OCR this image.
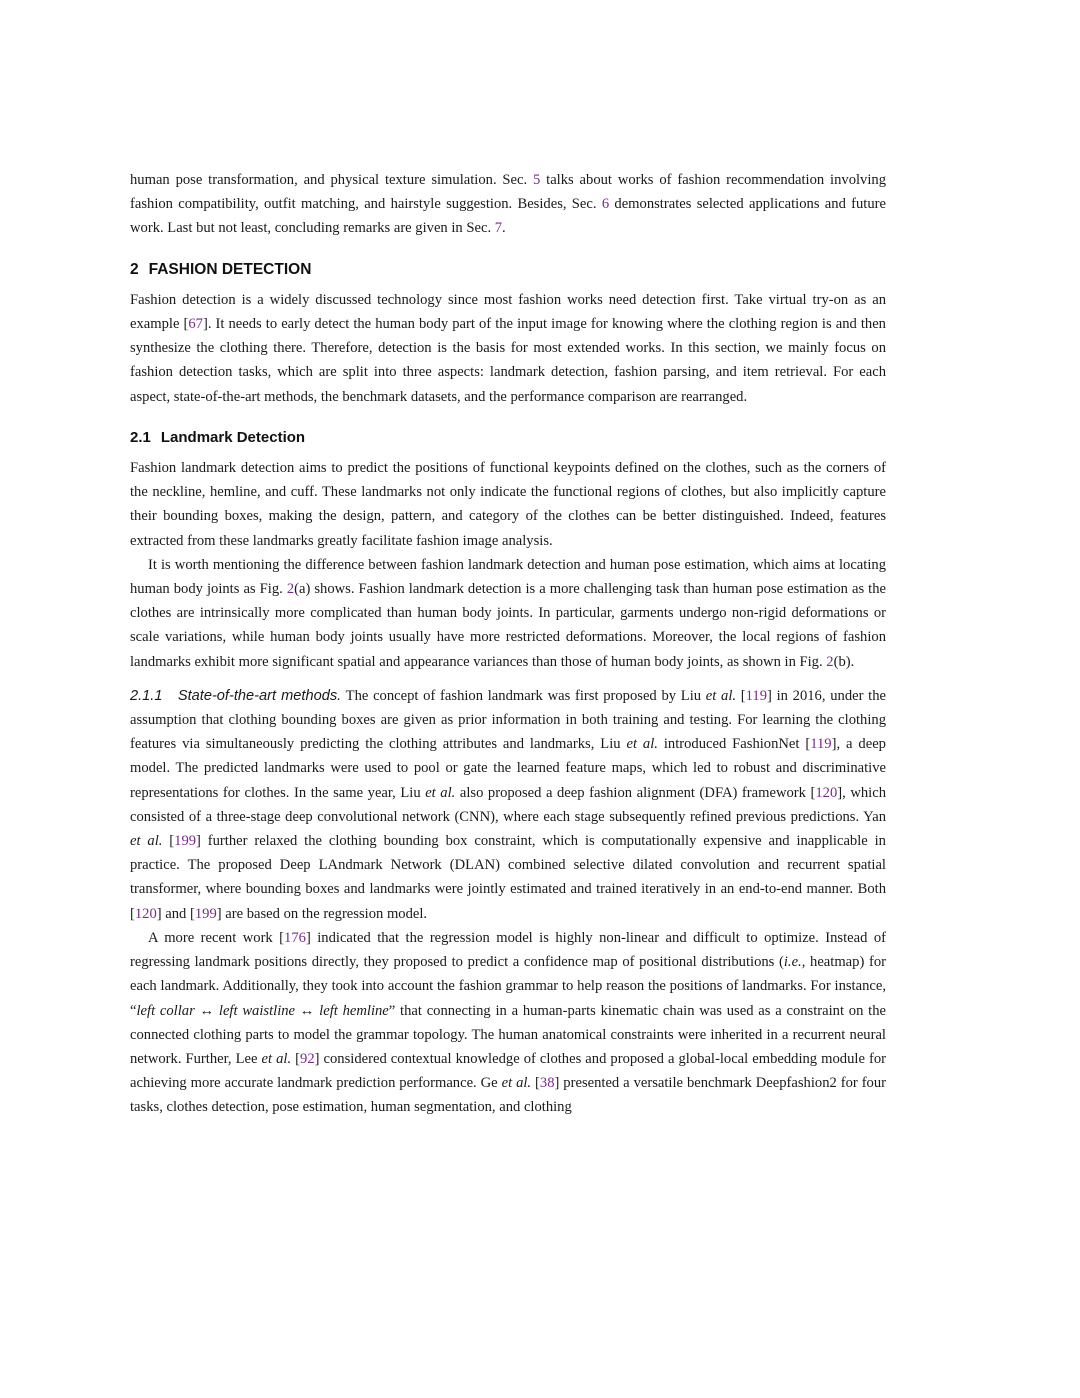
human pose transformation, and physical texture simulation. Sec. 5 talks about works of fashion recommendation involving fashion compatibility, outfit matching, and hairstyle suggestion. Besides, Sec. 6 demonstrates selected applications and future work. Last but not least, concluding remarks are given in Sec. 7.

2 FASHION DETECTION

Fashion detection is a widely discussed technology since most fashion works need detection first. Take virtual try-on as an example [67]. It needs to early detect the human body part of the input image for knowing where the clothing region is and then synthesize the clothing there. Therefore, detection is the basis for most extended works. In this section, we mainly focus on fashion detection tasks, which are split into three aspects: landmark detection, fashion parsing, and item retrieval. For each aspect, state-of-the-art methods, the benchmark datasets, and the performance comparison are rearranged.

2.1 Landmark Detection

Fashion landmark detection aims to predict the positions of functional keypoints defined on the clothes, such as the corners of the neckline, hemline, and cuff. These landmarks not only indicate the functional regions of clothes, but also implicitly capture their bounding boxes, making the design, pattern, and category of the clothes can be better distinguished. Indeed, features extracted from these landmarks greatly facilitate fashion image analysis.

It is worth mentioning the difference between fashion landmark detection and human pose estimation, which aims at locating human body joints as Fig. 2(a) shows. Fashion landmark detection is a more challenging task than human pose estimation as the clothes are intrinsically more complicated than human body joints. In particular, garments undergo non-rigid deformations or scale variations, while human body joints usually have more restricted deformations. Moreover, the local regions of fashion landmarks exhibit more significant spatial and appearance variances than those of human body joints, as shown in Fig. 2(b).

2.1.1 State-of-the-art methods. The concept of fashion landmark was first proposed by Liu et al. [119] in 2016, under the assumption that clothing bounding boxes are given as prior information in both training and testing. For learning the clothing features via simultaneously predicting the clothing attributes and landmarks, Liu et al. introduced FashionNet [119], a deep model. The predicted landmarks were used to pool or gate the learned feature maps, which led to robust and discriminative representations for clothes. In the same year, Liu et al. also proposed a deep fashion alignment (DFA) framework [120], which consisted of a three-stage deep convolutional network (CNN), where each stage subsequently refined previous predictions. Yan et al. [199] further relaxed the clothing bounding box constraint, which is computationally expensive and inapplicable in practice. The proposed Deep LAndmark Network (DLAN) combined selective dilated convolution and recurrent spatial transformer, where bounding boxes and landmarks were jointly estimated and trained iteratively in an end-to-end manner. Both [120] and [199] are based on the regression model.

A more recent work [176] indicated that the regression model is highly non-linear and difficult to optimize. Instead of regressing landmark positions directly, they proposed to predict a confidence map of positional distributions (i.e., heatmap) for each landmark. Additionally, they took into account the fashion grammar to help reason the positions of landmarks. For instance, “left collar ↔ left waistline ↔ left hemline” that connecting in a human-parts kinematic chain was used as a constraint on the connected clothing parts to model the grammar topology. The human anatomical constraints were inherited in a recurrent neural network. Further, Lee et al. [92] considered contextual knowledge of clothes and proposed a global-local embedding module for achieving more accurate landmark prediction performance. Ge et al. [38] presented a versatile benchmark Deepfashion2 for four tasks, clothes detection, pose estimation, human segmentation, and clothing
